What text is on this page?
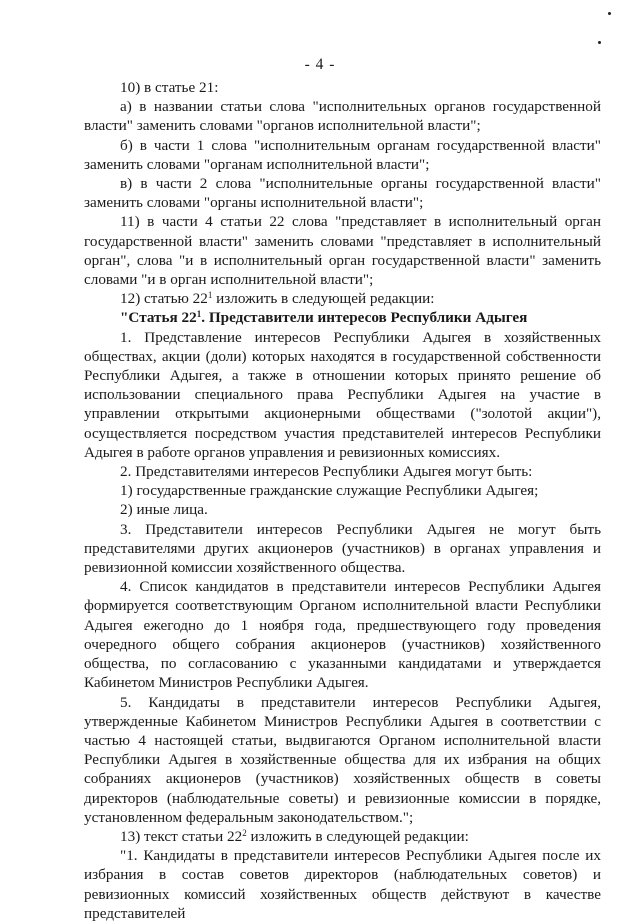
- 4 -

10) в статье 21:

а) в названии статьи слова "исполнительных органов государственной власти" заменить словами "органов исполнительной власти";

б) в части 1 слова "исполнительным органам государственной власти" заменить словами "органам исполнительной власти";

в) в части 2 слова "исполнительные органы государственной власти" заменить словами "органы исполнительной власти";

11) в части 4 статьи 22 слова "представляет в исполнительный орган государственной власти" заменить словами "представляет в исполнительный орган", слова "и в исполнительный орган государственной власти" заменить словами "и в орган исполнительной власти";

12) статью $22^1$ изложить в следующей редакции:

"Статья $22^1$. Представители интересов Республики Адыгея

1. Представление интересов Республики Адыгея в хозяйственных обществах, акции (доли) которых находятся в государственной собственности Республики Адыгея, а также в отношении которых принято решение об использовании специального права Республики Адыгея на участие в управлении открытыми акционерными обществами ("золотой акции"), осуществляется посредством участия представителей интересов Республики Адыгея в работе органов управления и ревизионных комиссиях.

2. Представителями интересов Республики Адыгея могут быть:

1) государственные гражданские служащие Республики Адыгея;

2) иные лица.

3. Представители интересов Республики Адыгея не могут быть представителями других акционеров (участников) в органах управления и ревизионной комиссии хозяйственного общества.

4. Список кандидатов в представители интересов Республики Адыгея формируется соответствующим Органом исполнительной власти Республики Адыгея ежегодно до 1 ноября года, предшествующего году проведения очередного общего собрания акционеров (участников) хозяйственного общества, по согласованию с указанными кандидатами и утверждается Кабинетом Министров Республики Адыгея.

5. Кандидаты в представители интересов Республики Адыгея, утвержденные Кабинетом Министров Республики Адыгея в соответствии с частью 4 настоящей статьи, выдвигаются Органом исполнительной власти Республики Адыгея в хозяйственные общества для их избрания на общих собраниях акционеров (участников) хозяйственных обществ в советы директоров (наблюдательные советы) и ревизионные комиссии в порядке, установленном федеральным законодательством.";

13) текст статьи $22^2$ изложить в следующей редакции:

"1. Кандидаты в представители интересов Республики Адыгея после их избрания в состав советов директоров (наблюдательных советов) и ревизионных комиссий хозяйственных обществ действуют в качестве представителей
